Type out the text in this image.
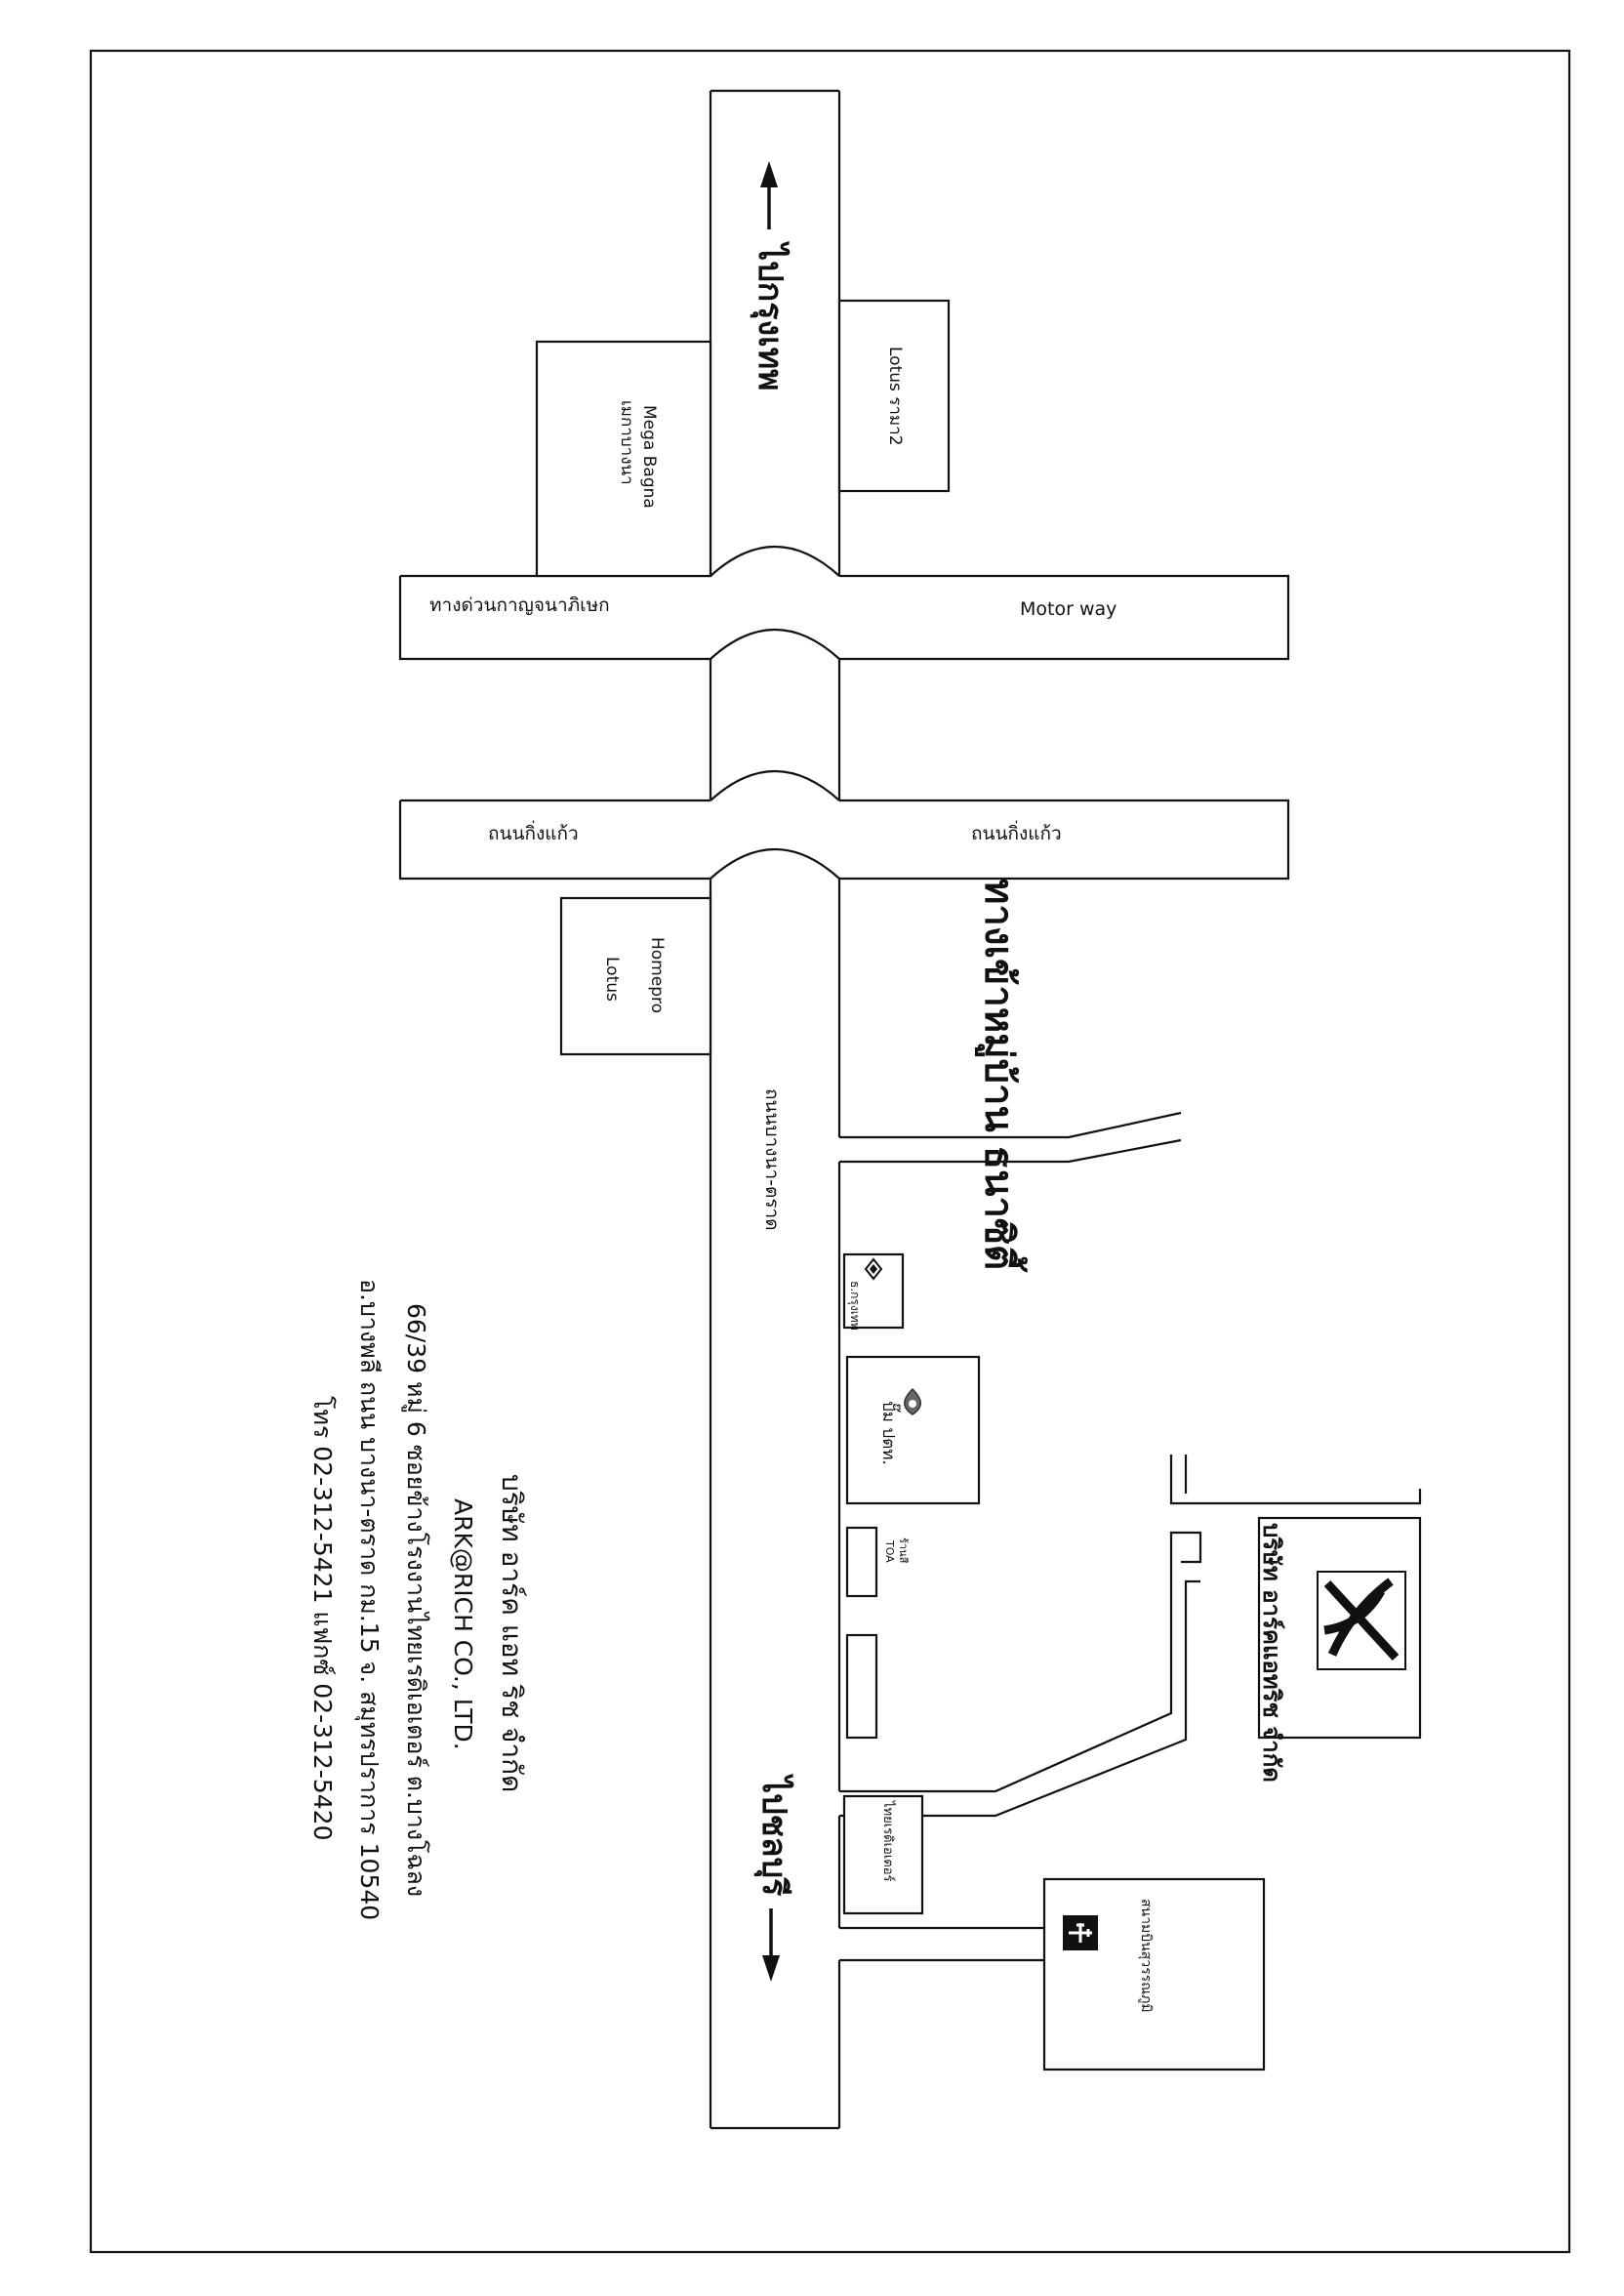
ไปกรุงเทพ
ไปชลบุรี
ถนนบางนา-ตราด
ทางด่วนกาญจนาภิเษก	Motor way
ถนนกิ่งแก้ว	ถนนกิ่งแก้ว
ทางเข้าหมู่บ้าน ธนาซิตี้
Mega Bagna
เมกาบางนา	Lotus รามา2
Homepro
Lotus
ธ.กรุงเทพ
ปั๊ม ปตท.
ร้านสี
TOA
ไทยเรดิเอเตอร์
สนามบินสุวรรณภูมิ
บริษัท อาร์คแอทริช จำกัด
บริษัท อาร์ค แอท ริช จำกัด
ARK@RICH CO., LTD.
66/39 หมู่ 6 ซอยข้างโรงงานไทยเรดิเอเตอร์ ต.บางโฉลง
อ.บางพลี ถนน บางนา-ตราด กม.15 จ. สมุทรปราการ 10540
โทร 02-312-5421 แฟกซ์ 02-312-5420
